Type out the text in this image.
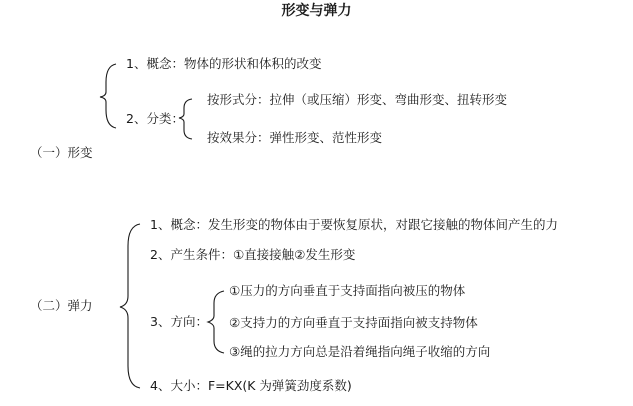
形变与弹力
1、概念：物体的形状和体积的改变
2、分类：
按形式分：拉伸（或压缩）形变、弯曲形变、扭转形变
按效果分：弹性形变、范性形变
（一）形变
1、概念：发生形变的物体由于要恢复原状，对跟它接触的物体间产生的力
2、产生条件：①直接接触②发生形变
（二）弹力
3、方向：
①压力的方向垂直于支持面指向被压的物体
②支持力的方向垂直于支持面指向被支持物体
③绳的拉力方向总是沿着绳指向绳子收缩的方向
4、大小：F=KX(K 为弹簧劲度系数)
